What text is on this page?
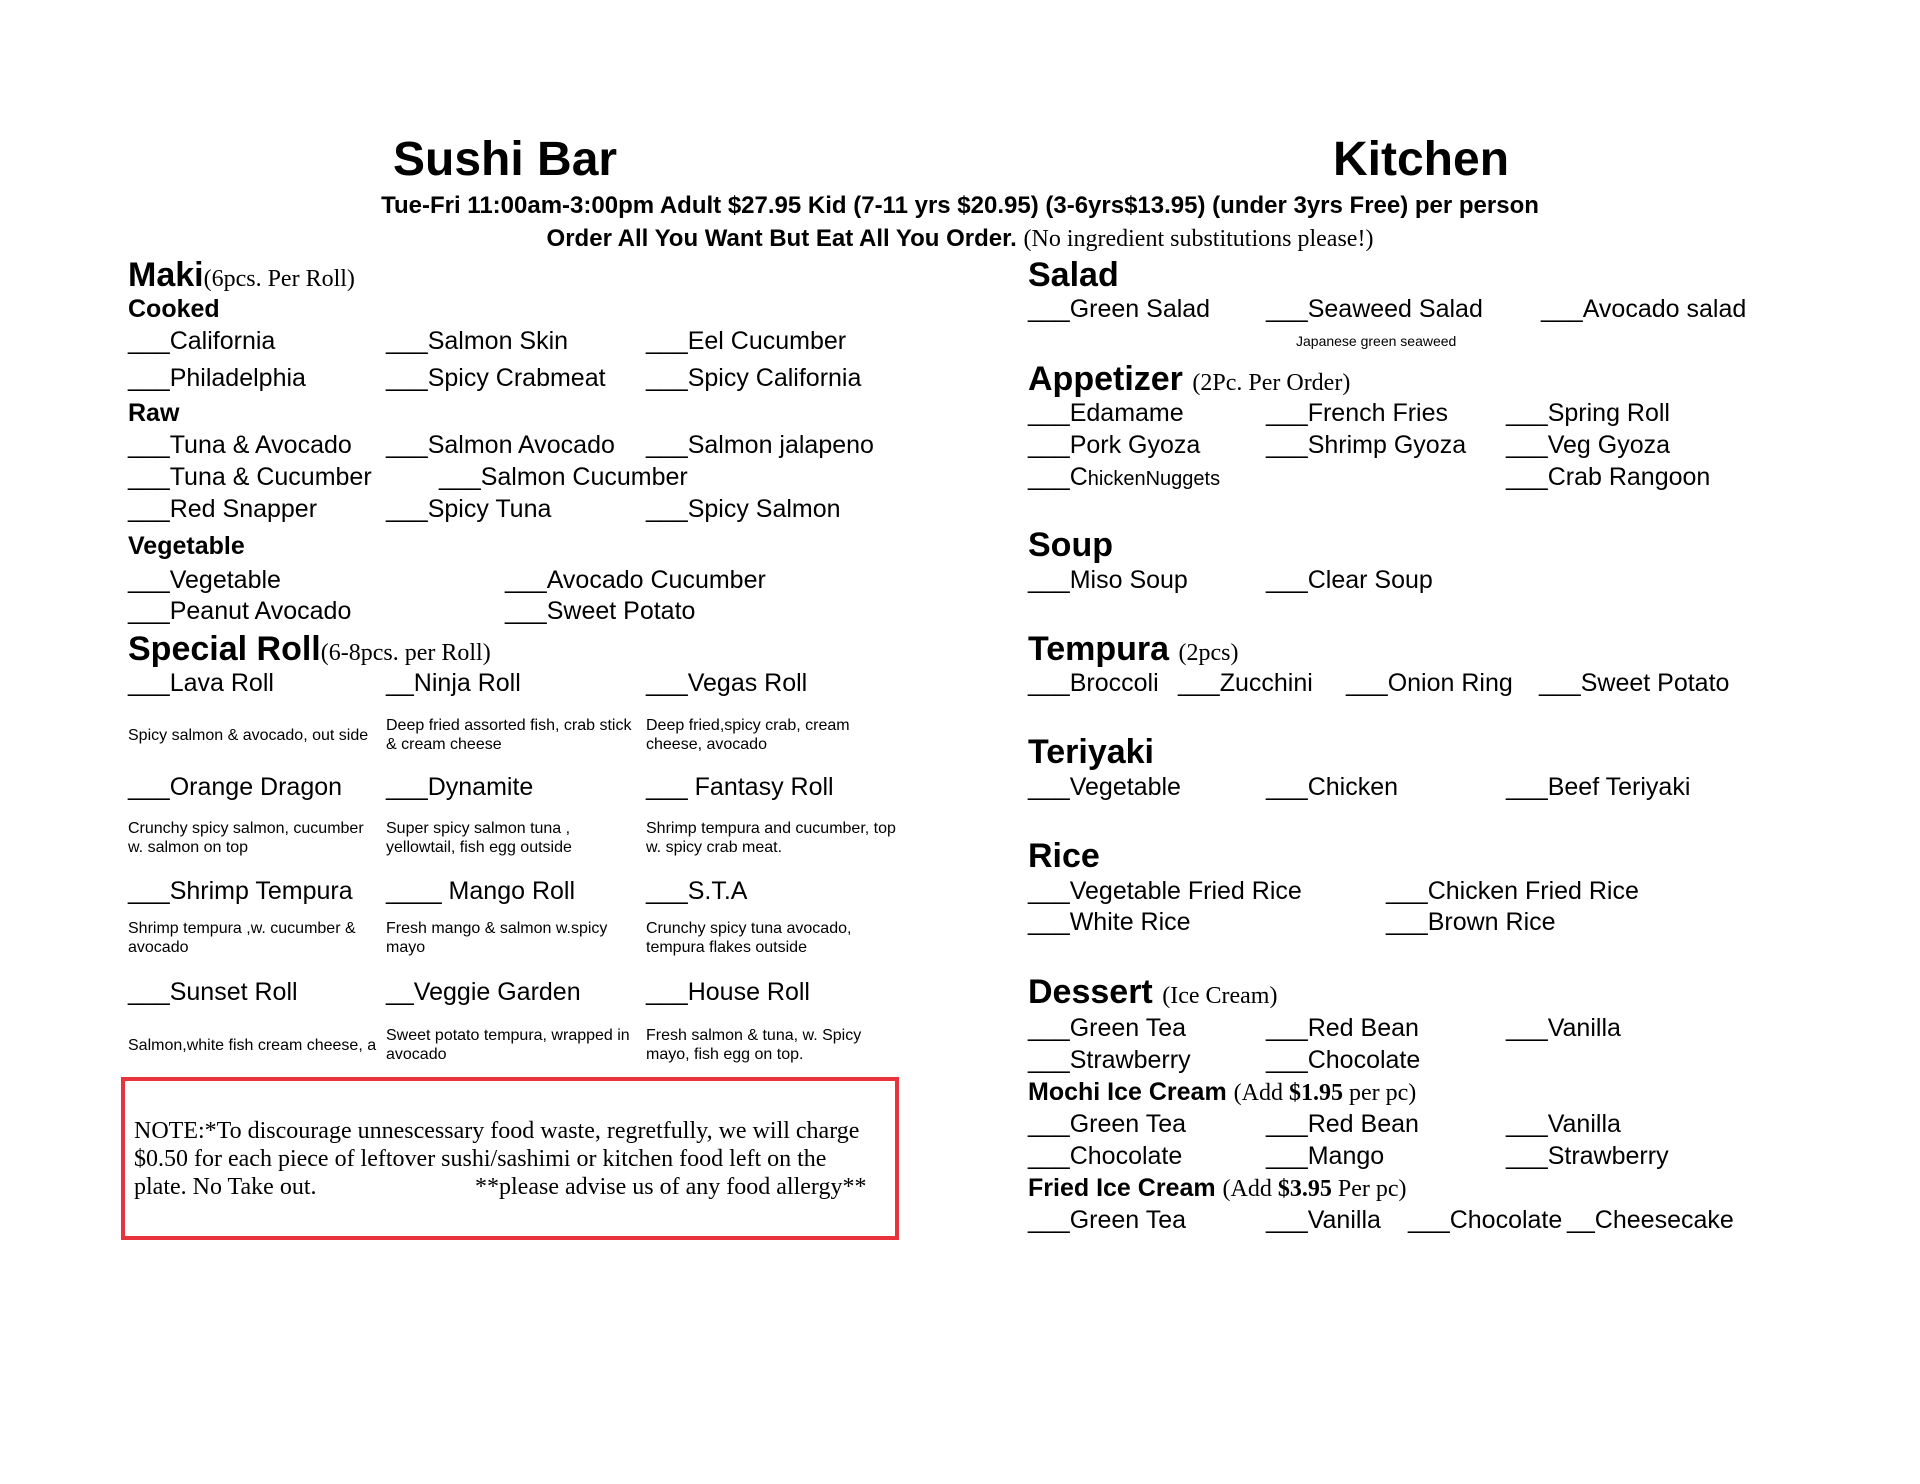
Sushi Bar	Kitchen
Tue-Fri 11:00am-3:00pm Adult $27.95 Kid (7-11 yrs $20.95) (3-6yrs$13.95) (under 3yrs Free) per person
Order All You Want But Eat All You Order. (No ingredient substitutions please!)
Maki(6pcs. Per Roll)
Cooked
___California	___Salmon Skin	___Eel Cucumber
___Philadelphia	___Spicy Crabmeat ___Spicy California
Raw
___Tuna & Avocado ___Salmon Avocado ___Salmon jalapeno
___Tuna & Cucumber	___Salmon Cucumber
___Red Snapper	___Spicy Tuna	___Spicy Salmon
Vegetable
___Vegetable	___Avocado Cucumber
___Peanut Avocado	___Sweet Potato
Special Roll(6-8pcs. per Roll)
___Lava Roll	__Ninja Roll	___Vegas Roll
Spicy salmon & avocado, out side
Deep fried assorted fish, crab stick & cream cheese
Deep fried,spicy crab, cream cheese, avocado
___Orange Dragon ___Dynamite	___ Fantasy Roll
Crunchy spicy salmon, cucumber w. salmon on top
Super spicy salmon tuna , yellowtail, fish egg outside
Shrimp tempura and cucumber, top w. spicy crab meat.
___Shrimp Tempura ____ Mango Roll	___S.T.A
Shrimp tempura ,w. cucumber & avocado
Fresh mango & salmon w.spicy mayo
Crunchy spicy tuna avocado, tempura flakes outside
___Sunset Roll	__Veggie Garden	___House Roll
Salmon,white fish cream cheese, a
Sweet potato tempura, wrapped in avocado
Fresh salmon & tuna, w. Spicy mayo, fish egg on top.
NOTE:*To discourage unnescessary food waste, regretfully, we will charge
$0.50 for each piece of leftover sushi/sashimi or kitchen food left on the
plate. No Take out.	**please advise us of any food allergy**
Salad
___Green Salad ___Seaweed Salad ___Avocado salad
Japanese green seaweed
Appetizer (2Pc. Per Order)
___Edamame	___French Fries ___Spring Roll
___Pork Gyoza	___Shrimp Gyoza ___Veg Gyoza
___ChickenNuggets	___Crab Rangoon
Soup
___Miso Soup	___Clear Soup
Tempura (2pcs)
___Broccoli ___Zucchini ___Onion Ring ___Sweet Potato
Teriyaki
___Vegetable	___Chicken	___Beef Teriyaki
Rice
___Vegetable Fried Rice	___Chicken Fried Rice
___White Rice	___Brown Rice
Dessert (Ice Cream)
___Green Tea	___Red Bean	___Vanilla
___Strawberry	___Chocolate
Mochi Ice Cream (Add $1.95 per pc)
___Green Tea	___Red Bean	___Vanilla
___Chocolate	___Mango	___Strawberry
Fried Ice Cream (Add $3.95 Per pc)
___Green Tea	___Vanilla ___Chocolate __Cheesecake
